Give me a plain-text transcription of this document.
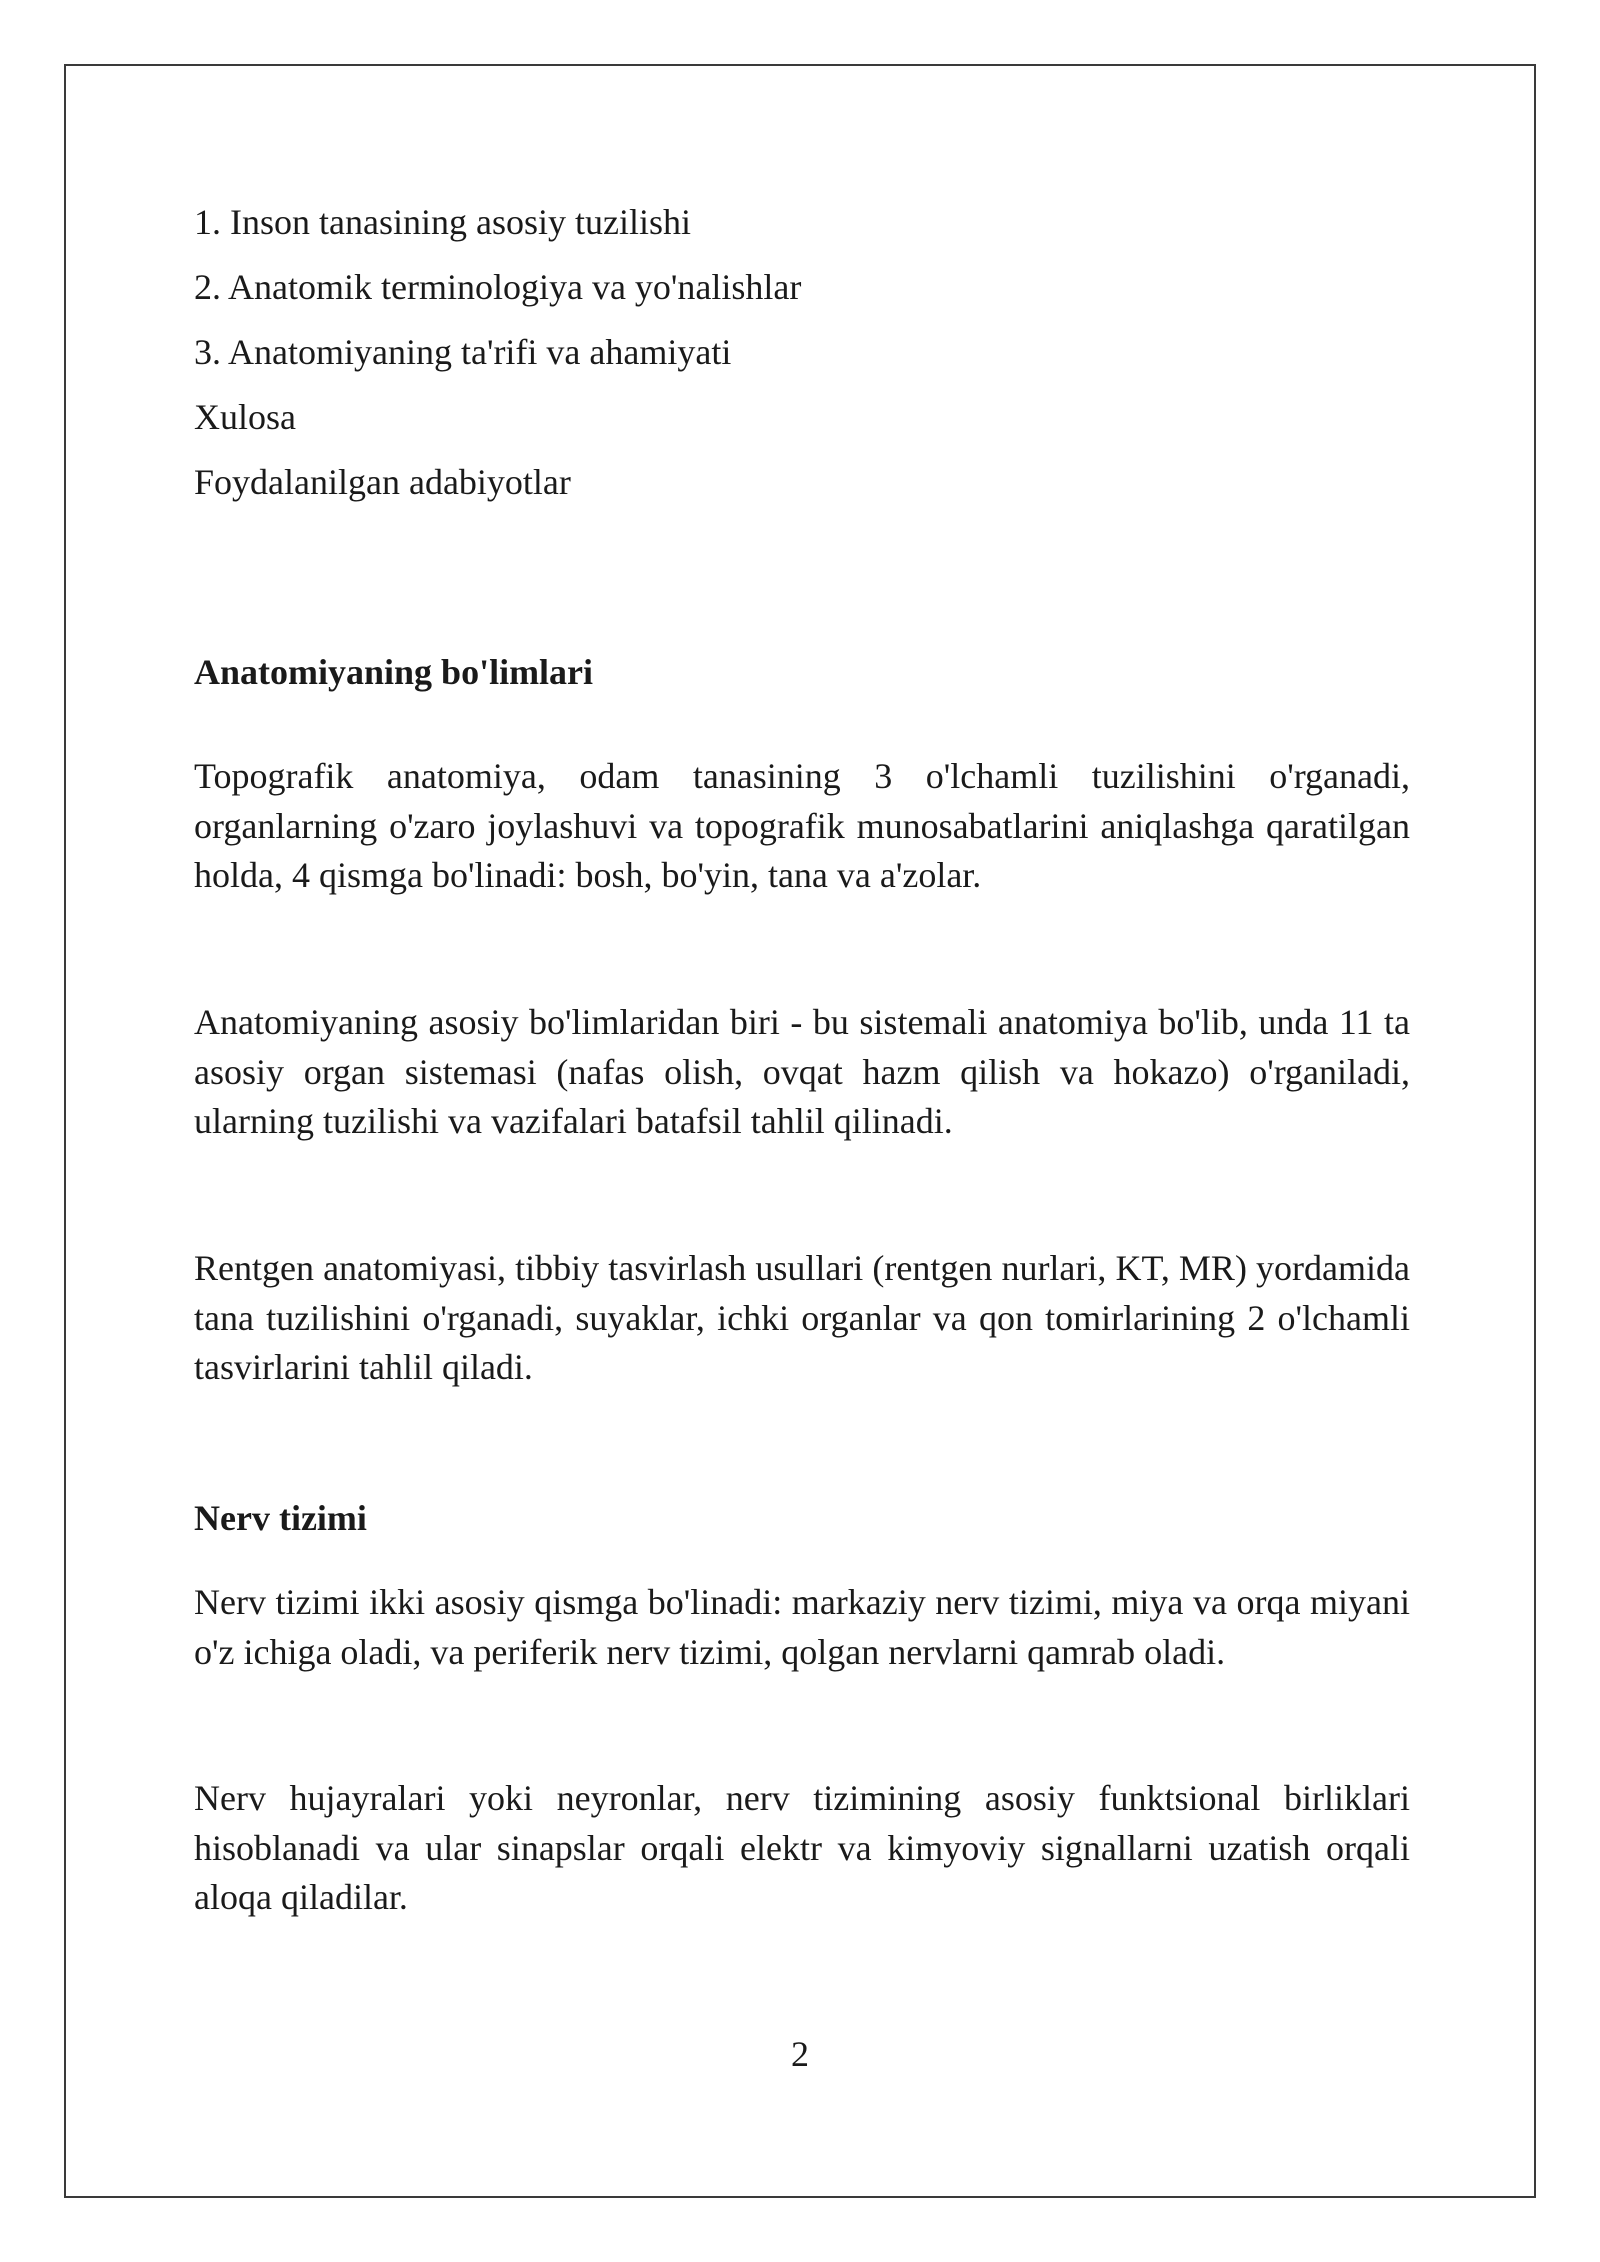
1. Inson tanasining asosiy tuzilishi
2. Anatomik terminologiya va yo'nalishlar
3. Anatomiyaning ta'rifi va ahamiyati
Xulosa
Foydalanilgan adabiyotlar
Anatomiyaning bo'limlari
Topografik anatomiya, odam tanasining 3 o'lchamli tuzilishini o'rganadi, organlarning o'zaro joylashuvi va topografik munosabatlarini aniqlashga qaratilgan holda, 4 qismga bo'linadi: bosh, bo'yin, tana va a'zolar.
Anatomiyaning asosiy bo'limlaridan biri - bu sistemali anatomiya bo'lib, unda 11 ta asosiy organ sistemasi (nafas olish, ovqat hazm qilish va hokazo) o'rganiladi, ularning tuzilishi va vazifalari batafsil tahlil qilinadi.
Rentgen anatomiyasi, tibbiy tasvirlash usullari (rentgen nurlari, KT, MR) yordamida tana tuzilishini o'rganadi, suyaklar, ichki organlar va qon tomirlarining 2 o'lchamli tasvirlarini tahlil qiladi.
Nerv tizimi
Nerv tizimi ikki asosiy qismga bo'linadi: markaziy nerv tizimi, miya va orqa miyani o'z ichiga oladi, va periferik nerv tizimi, qolgan nervlarni qamrab oladi.
Nerv hujayralari yoki neyronlar, nerv tizimining asosiy funktsional birliklari hisoblanadi va ular sinapslar orqali elektr va kimyoviy signallarni uzatish orqali aloqa qiladilar.
2
